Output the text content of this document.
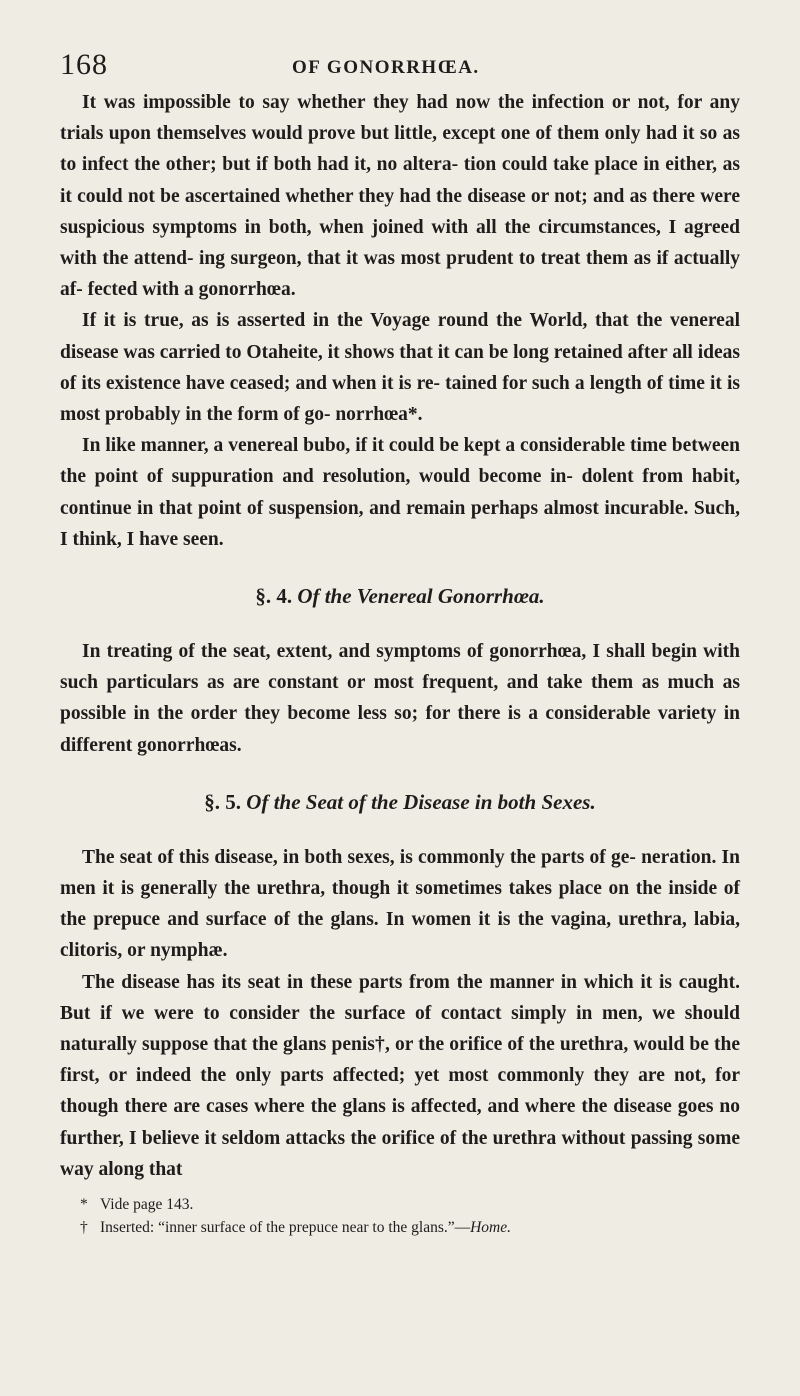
168	OF GONORRHŒA.

It was impossible to say whether they had now the infection or not, for any trials upon themselves would prove but little, except one of them only had it so as to infect the other; but if both had it, no altera- tion could take place in either, as it could not be ascertained whether they had the disease or not; and as there were suspicious symptoms in both, when joined with all the circumstances, I agreed with the attend- ing surgeon, that it was most prudent to treat them as if actually af- fected with a gonorrhœa.

If it is true, as is asserted in the Voyage round the World, that the venereal disease was carried to Otaheite, it shows that it can be long retained after all ideas of its existence have ceased; and when it is re- tained for such a length of time it is most probably in the form of go- norrhœa*.

In like manner, a venereal bubo, if it could be kept a considerable time between the point of suppuration and resolution, would become in- dolent from habit, continue in that point of suspension, and remain perhaps almost incurable. Such, I think, I have seen.

§. 4. Of the Venereal Gonorrhœa.

In treating of the seat, extent, and symptoms of gonorrhœa, I shall begin with such particulars as are constant or most frequent, and take them as much as possible in the order they become less so; for there is a considerable variety in different gonorrhœas.

§. 5. Of the Seat of the Disease in both Sexes.

The seat of this disease, in both sexes, is commonly the parts of ge- neration. In men it is generally the urethra, though it sometimes takes place on the inside of the prepuce and surface of the glans. In women it is the vagina, urethra, labia, clitoris, or nymphæ.

The disease has its seat in these parts from the manner in which it is caught. But if we were to consider the surface of contact simply in men, we should naturally suppose that the glans penis†, or the orifice of the urethra, would be the first, or indeed the only parts affected; yet most commonly they are not, for though there are cases where the glans is affected, and where the disease goes no further, I believe it seldom attacks the orifice of the urethra without passing some way along that

* Vide page 143.

† Inserted: “inner surface of the prepuce near to the glans.”—Home.
